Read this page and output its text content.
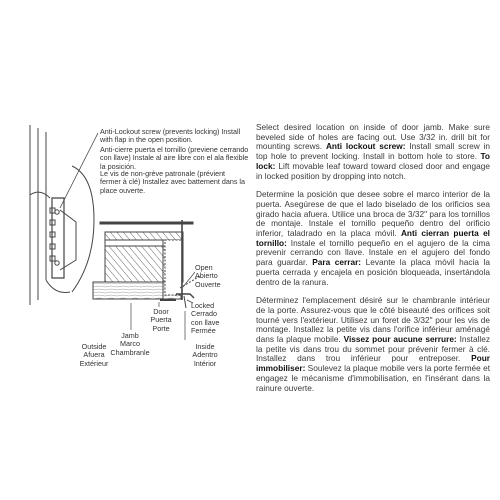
Anti-Lockout screw (prevents locking) Install with flap in the open position.
Anti-cierre puerta el tornillo (previene cerrando con llave) Instale al aire libre con el ala flexible la posición.
Le vis de non-grève patronale (prévient fermer à clé) Installez avec battement dans la place ouverte.
Open
Abierto
Ouverte
Locked
Cerrado
con llave
Fermée
Jamb
Marco
Chambranle
Door
Puerta
Porte
Outside
Afuera
Extérieur
Inside
Adentro
Intérior

Select desired location on inside of door jamb. Make sure beveled side of holes are facing out. Use 3/32 in. drill bit for mounting screws. Anti lockout screw: Install small screw in top hole to prevent locking. Install in bottom hole to store. To lock: Lift movable leaf toward toward closed door and engage in locked position by dropping into notch.

Determine la posición que desee sobre el marco interior de la puerta. Asegúrese de que el lado biselado de los orificios sea girado hacia afuera. Utilice una broca de 3/32" para los tornillos de montaje. Instale el tornillo pequeño dentro del orificio inferior, taladrado en la placa móvil. Anti cierran puerta el tornillo: Instale el tornillo pequeño en el agujero de la cima prevenir cerrando con llave. Instale en el agujero del fondo para guardar. Para cerrar: Levante la placa móvil hacia la puerta cerrada y encajela en posición bloqueada, insertándola dentro de la ranura.

Déterminez l'emplacement désiré sur le chambranle intérieur de la porte. Assurez-vous que le côté biseauté des orifices soit tourné vers l'extérieur. Utilisez un foret de 3/32" pour les vis de montage. Installez la petite vis dans l'orifice inférieur aménagé dans la plaque mobile. Vissez pour aucune serrure: Installez la petite vis dans trou du sommet pour prévenir fermer à clé. Installez dans trou inférieur pour entreposer. Pour immobiliser: Soulevez la plaque mobile vers la porte fermée et engagez le mécanisme d'immobilisation, en l'insérant dans la rainure ouverte.
